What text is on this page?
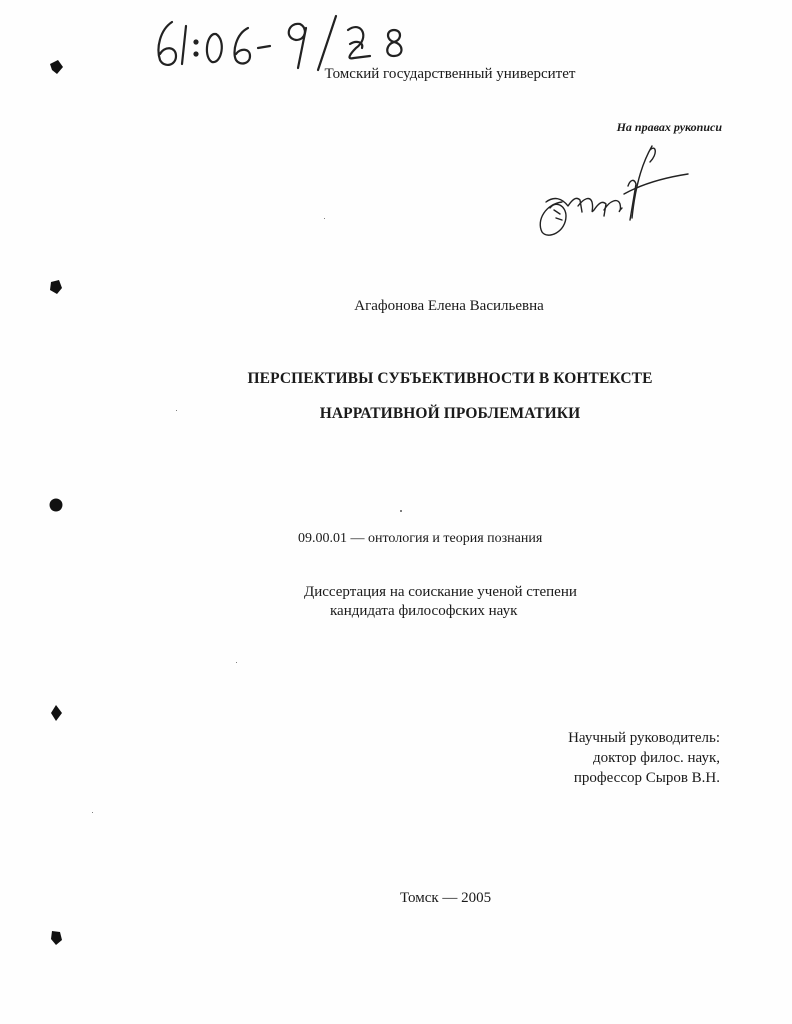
Томский государственный университет
На правах рукописи
Агафонова Елена Васильевна
ПЕРСПЕКТИВЫ СУБЪЕКТИВНОСТИ В КОНТЕКСТЕ
НАРРАТИВНОЙ ПРОБЛЕМАТИКИ
09.00.01 — онтология и теория познания
Диссертация на соискание ученой степени
кандидата философских наук
Научный руководитель:
доктор филос. наук,
профессор Сыров В.Н.
Томск — 2005
